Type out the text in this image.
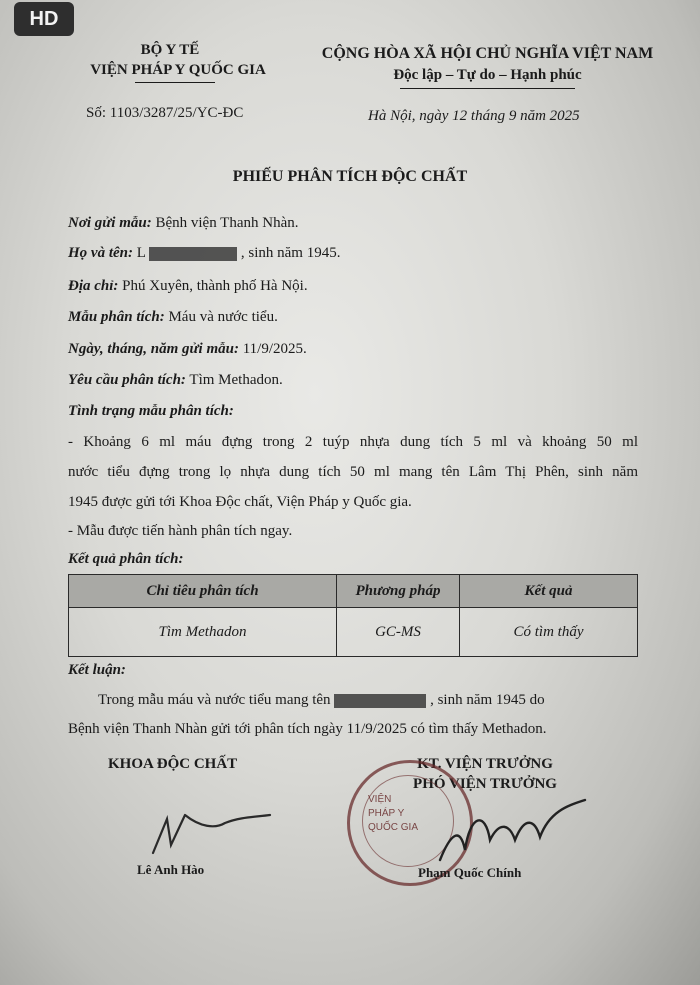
HD
BỘ Y TẾ
VIỆN PHÁP Y QUỐC GIA
Số: 1103/3287/25/YC-ĐC
CỘNG HÒA XÃ HỘI CHỦ NGHĨA VIỆT NAM
Độc lập – Tự do – Hạnh phúc
Hà Nội, ngày 12 tháng 9 năm 2025
PHIẾU PHÂN TÍCH ĐỘC CHẤT
Nơi gửi mẫu: Bệnh viện Thanh Nhàn.
Họ và tên: L	, sinh năm 1945.
Địa chỉ: Phú Xuyên, thành phố Hà Nội.
Mẫu phân tích: Máu và nước tiểu.
Ngày, tháng, năm gửi mẫu: 11/9/2025.
Yêu cầu phân tích: Tìm Methadon.
Tình trạng mẫu phân tích:
- Khoảng 6 ml máu đựng trong 2 tuýp nhựa dung tích 5 ml và khoảng 50 ml
nước tiểu đựng trong lọ nhựa dung tích 50 ml mang tên Lâm Thị Phên, sinh năm
1945 được gửi tới Khoa Độc chất, Viện Pháp y Quốc gia.
- Mẫu được tiến hành phân tích ngay.
Kết quả phân tích:
Chỉ tiêu phân tích	Phương pháp	Kết quả
Tìm Methadon	GC-MS	Có tìm thấy
Kết luận:
Trong mẫu máu và nước tiểu mang tên	, sinh năm 1945 do
Bệnh viện Thanh Nhàn gửi tới phân tích ngày 11/9/2025 có tìm thấy Methadon.
KHOA ĐỘC CHẤT	KT. VIỆN TRƯỞNG
PHÓ VIỆN TRƯỞNG
VIỆN
PHÁP Y
QUỐC GIA
Lê Anh Hào	Phạm Quốc Chính
